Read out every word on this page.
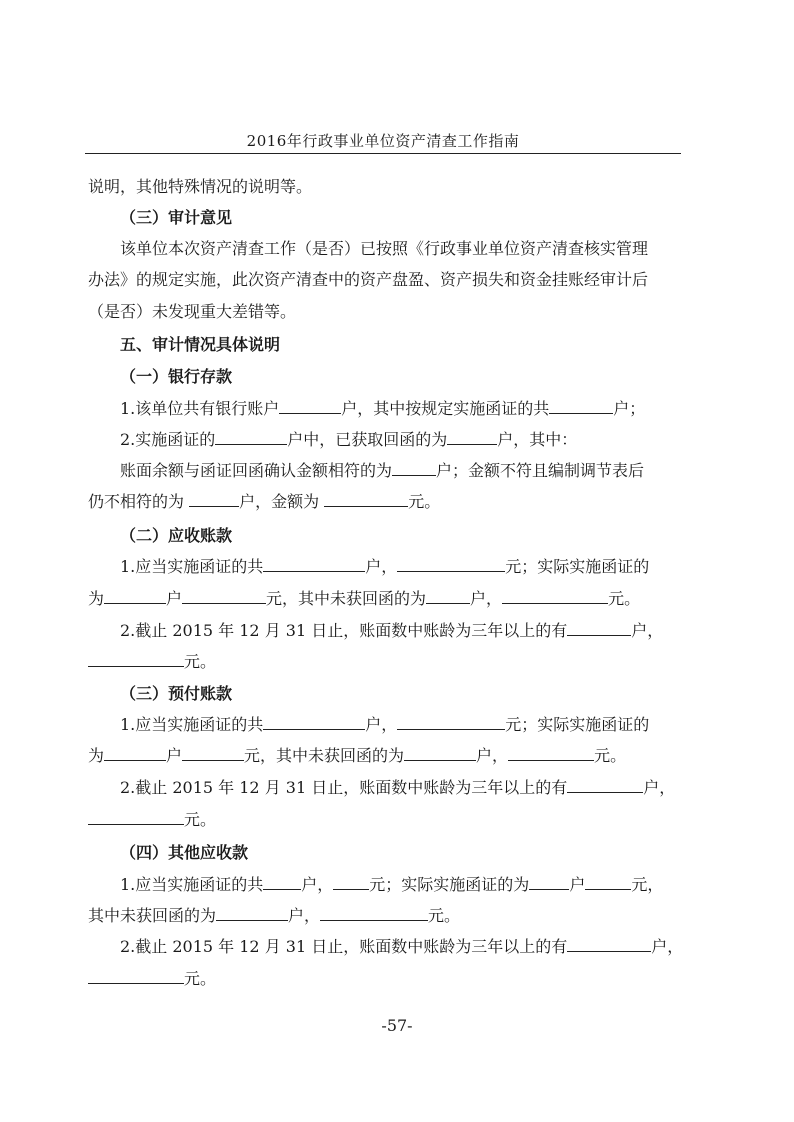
2016年行政事业单位资产清查工作指南
说明，其他特殊情况的说明等。
（三）审计意见
该单位本次资产清查工作（是否）已按照《行政事业单位资产清查核实管理
办法》的规定实施，此次资产清查中的资产盘盈、资产损失和资金挂账经审计后
（是否）未发现重大差错等。
五、审计情况具体说明
（一）银行存款
1.该单位共有银行账户	户，其中按规定实施函证的共	户；
2.实施函证的	户中，已获取回函的为	户，其中：
账面余额与函证回函确认金额相符的为	户；金额不符且编制调节表后
仍不相符的为	户，金额为	元。
（二）应收账款
1.应当实施函证的共	户，	元；实际实施函证的
为	户	元，其中未获回函的为	户，	元。
2.截止 2015 年 12 月 31 日止，账面数中账龄为三年以上的有	户，
元。
（三）预付账款
1.应当实施函证的共	户，	元；实际实施函证的
为	户	元，其中未获回函的为	户，	元。
2.截止 2015 年 12 月 31 日止，账面数中账龄为三年以上的有	户，
元。
（四）其他应收款
1.应当实施函证的共 户， 元；实际实施函证的为	户	元，
其中未获回函的为	户，	元。
2.截止 2015 年 12 月 31 日止，账面数中账龄为三年以上的有	户，
元。
-57-
